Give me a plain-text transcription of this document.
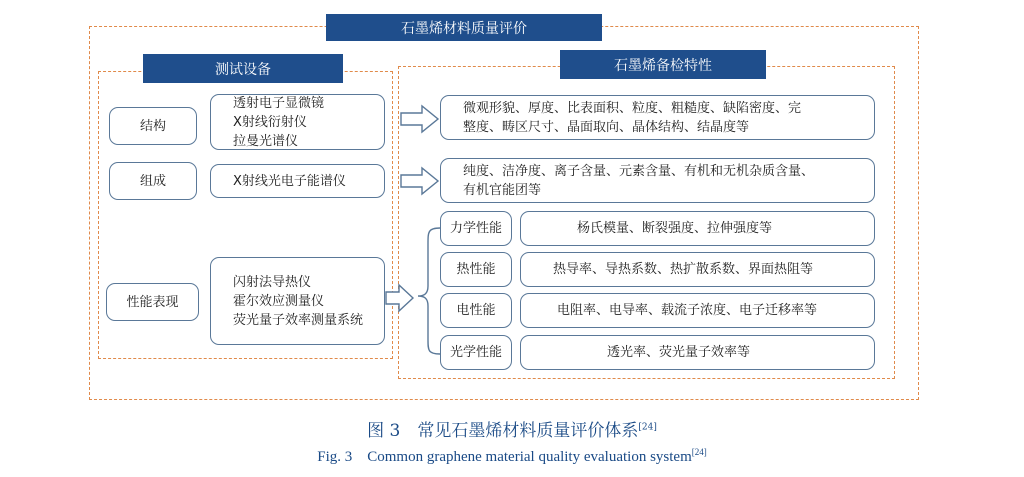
石墨烯材料质量评价
测试设备
结构
透射电子显微镜
X射线衍射仪
拉曼光谱仪
组成	X射线光电子能谱仪
性能表现
闪射法导热仪
霍尔效应测量仪
荧光量子效率测量系统
石墨烯备检特性
微观形貌、厚度、比表面积、粒度、粗糙度、缺陷密度、完
整度、畴区尺寸、晶面取向、晶体结构、结晶度等
纯度、洁净度、离子含量、元素含量、有机和无机杂质含量、
有机官能团等
力学性能	杨氏模量、断裂强度、拉伸强度等
热性能	热导率、导热系数、热扩散系数、界面热阻等
电性能	电阻率、电导率、载流子浓度、电子迁移率等
光学性能	透光率、荧光量子效率等
图 3　常见石墨烯材料质量评价体系[24]
Fig. 3　Common graphene material quality evaluation system[24]
